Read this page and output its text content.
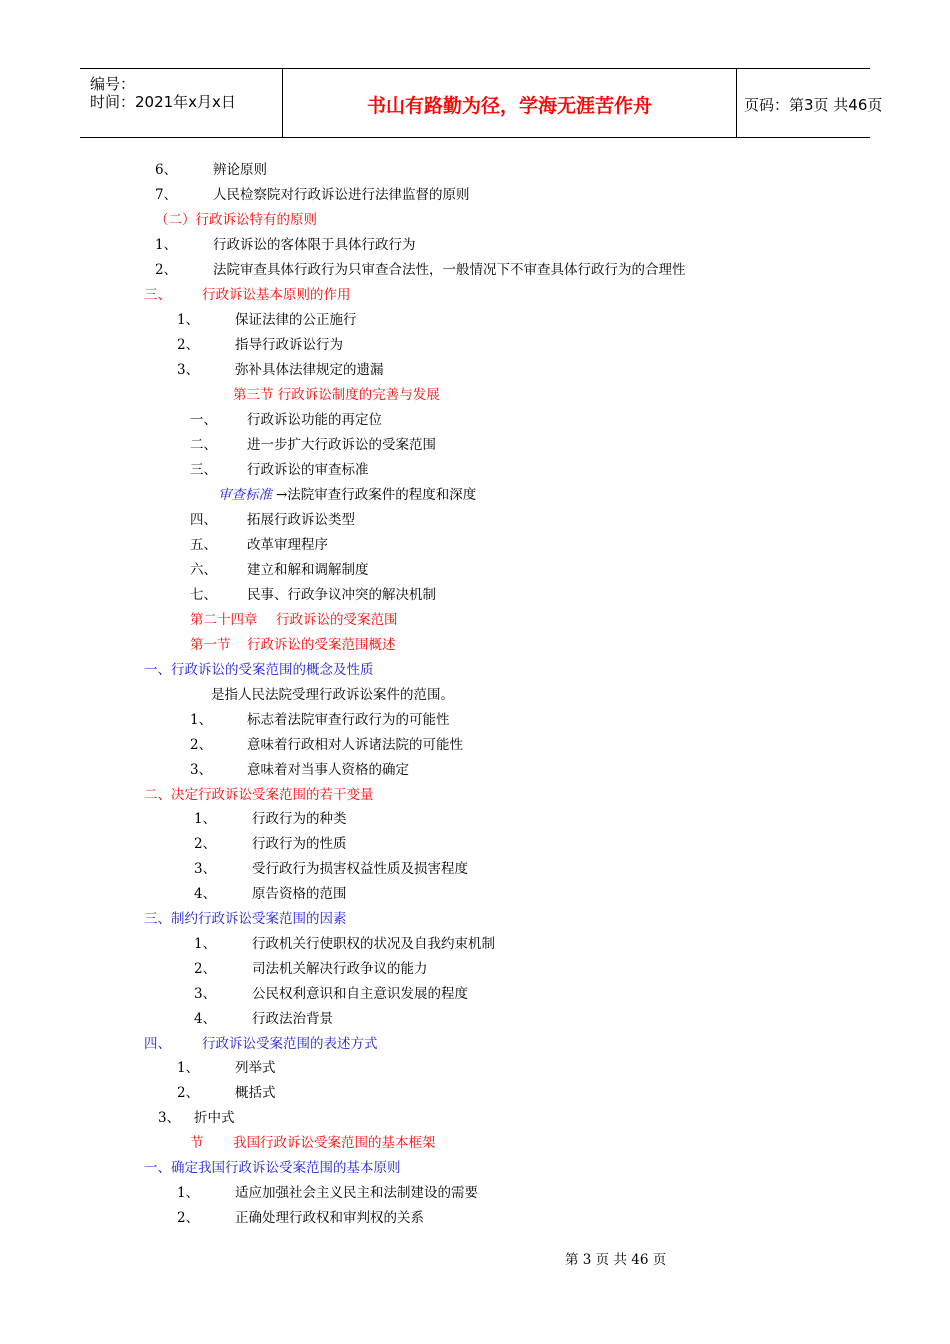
编号：
时间：2021年x月x日	书山有路勤为径，学海无涯苦作舟	页码：第3页 共46页
6、	辨论原则
7、	人民检察院对行政诉讼进行法律监督的原则
（二）行政诉讼特有的原则
1、	行政诉讼的客体限于具体行政行为
2、	法院审查具体行政行为只审查合法性，一般情况下不审查具体行政行为的合理性
三、 行政诉讼基本原则的作用
1、	保证法律的公正施行
2、	指导行政诉讼行为
3、	弥补具体法律规定的遗漏
第三节 行政诉讼制度的完善与发展
一、 行政诉讼功能的再定位
二、 进一步扩大行政诉讼的受案范围
三、 行政诉讼的审查标准
审查标准 →法院审查行政案件的程度和深度
四、 拓展行政诉讼类型
五、 改革审理程序
六、 建立和解和调解制度
七、 民事、行政争议冲突的解决机制
第二十四章 行政诉讼的受案范围
第一节 行政诉讼的受案范围概述
一、行政诉讼的受案范围的概念及性质
是指人民法院受理行政诉讼案件的范围。
1、	标志着法院审查行政行为的可能性
2、	意味着行政相对人诉诸法院的可能性
3、	意味着对当事人资格的确定
二、决定行政诉讼受案范围的若干变量
1、	行政行为的种类
2、	行政行为的性质
3、	受行政行为损害权益性质及损害程度
4、	原告资格的范围
三、制约行政诉讼受案范围的因素
1、	行政机关行使职权的状况及自我约束机制
2、	司法机关解决行政争议的能力
3、	公民权利意识和自主意识发展的程度
4、	行政法治背景
四、 行政诉讼受案范围的表述方式
1、	列举式
2、	概括式
3、 折中式
节 我国行政诉讼受案范围的基本框架
一、确定我国行政诉讼受案范围的基本原则
1、	适应加强社会主义民主和法制建设的需要
2、	正确处理行政权和审判权的关系
第 3 页 共 46 页
